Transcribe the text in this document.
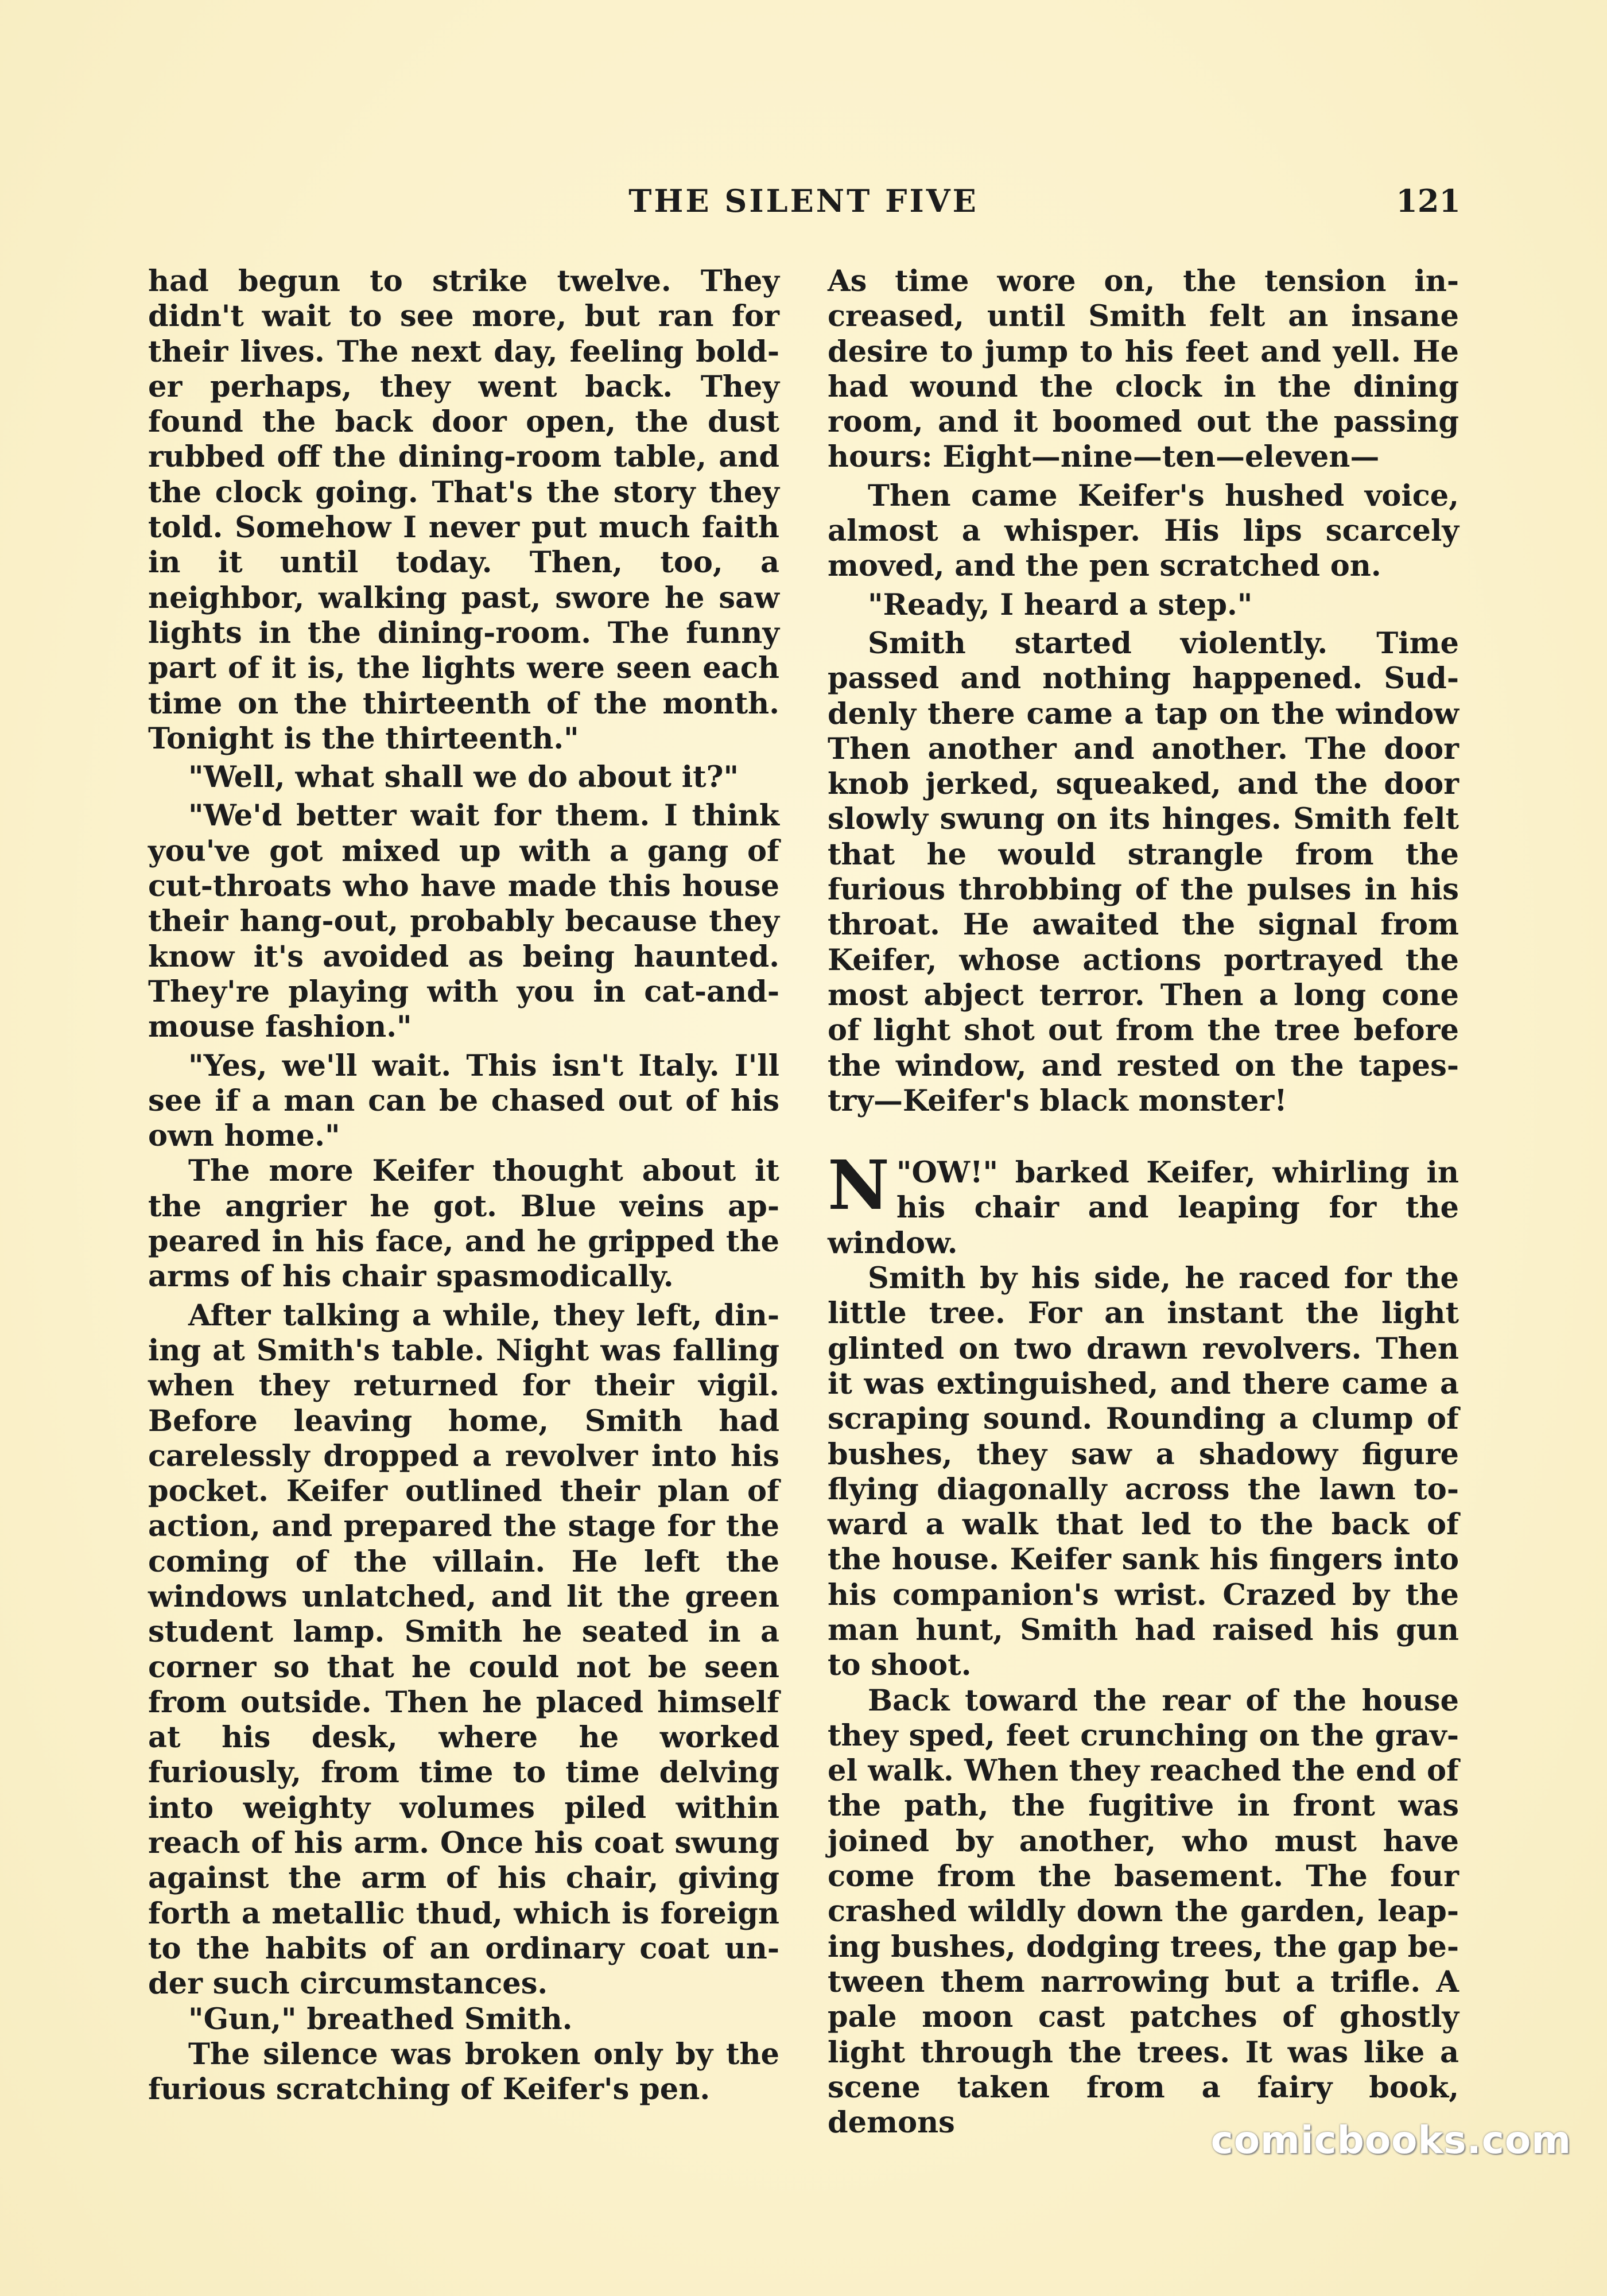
THE SILENT FIVE	121

had begun to strike twelve. They didn't wait to see more, but ran for their lives. The next day, feeling bolder perhaps, they went back. They found the back door open, the dust rubbed off the dining-room table, and the clock going. That's the story they told. Somehow I never put much faith in it until today. Then, too, a neighbor, walking past, swore he saw lights in the dining-room. The funny part of it is, the lights were seen each time on the thirteenth of the month. Tonight is the thirteenth."

"Well, what shall we do about it?"

"We'd better wait for them. I think you've got mixed up with a gang of cut-throats who have made this house their hang-out, probably because they know it's avoided as being haunted. They're playing with you in cat-and-mouse fashion."

"Yes, we'll wait. This isn't Italy. I'll see if a man can be chased out of his own home."

The more Keifer thought about it the angrier he got. Blue veins appeared in his face, and he gripped the arms of his chair spasmodically.

After talking a while, they left, dining at Smith's table. Night was falling when they returned for their vigil. Before leaving home, Smith had carelessly dropped a revolver into his pocket. Keifer outlined their plan of action, and prepared the stage for the coming of the villain. He left the windows unlatched, and lit the green student lamp. Smith he seated in a corner so that he could not be seen from outside. Then he placed himself at his desk, where he worked furiously, from time to time delving into weighty volumes piled within reach of his arm. Once his coat swung against the arm of his chair, giving forth a metallic thud, which is foreign to the habits of an ordinary coat under such circumstances.

"Gun," breathed Smith.

The silence was broken only by the furious scratching of Keifer's pen.

As time wore on, the tension increased, until Smith felt an insane desire to jump to his feet and yell. He had wound the clock in the dining room, and it boomed out the passing hours: Eight—nine—ten—eleven—

Then came Keifer's hushed voice, almost a whisper. His lips scarcely moved, and the pen scratched on.

"Ready, I heard a step."

Smith started violently. Time passed and nothing happened. Suddenly there came a tap on the window Then another and another. The door knob jerked, squeaked, and the door slowly swung on its hinges. Smith felt that he would strangle from the furious throbbing of the pulses in his throat. He awaited the signal from Keifer, whose actions portrayed the most abject terror. Then a long cone of light shot out from the tree before the window, and rested on the tapestry—Keifer's black monster!

"
N OW!" barked Keifer, whirling in his chair and leaping for the window.

Smith by his side, he raced for the little tree. For an instant the light glinted on two drawn revolvers. Then it was extinguished, and there came a scraping sound. Rounding a clump of bushes, they saw a shadowy figure flying diagonally across the lawn toward a walk that led to the back of the house. Keifer sank his fingers into his companion's wrist. Crazed by the man hunt, Smith had raised his gun to shoot.

Back toward the rear of the house they sped, feet crunching on the gravel walk. When they reached the end of the path, the fugitive in front was joined by another, who must have come from the basement. The four crashed wildly down the garden, leaping bushes, dodging trees, the gap between them narrowing but a trifle. A pale moon cast patches of ghostly light through the trees. It was like a scene taken from a fairy book, demons	comicbooks.com
